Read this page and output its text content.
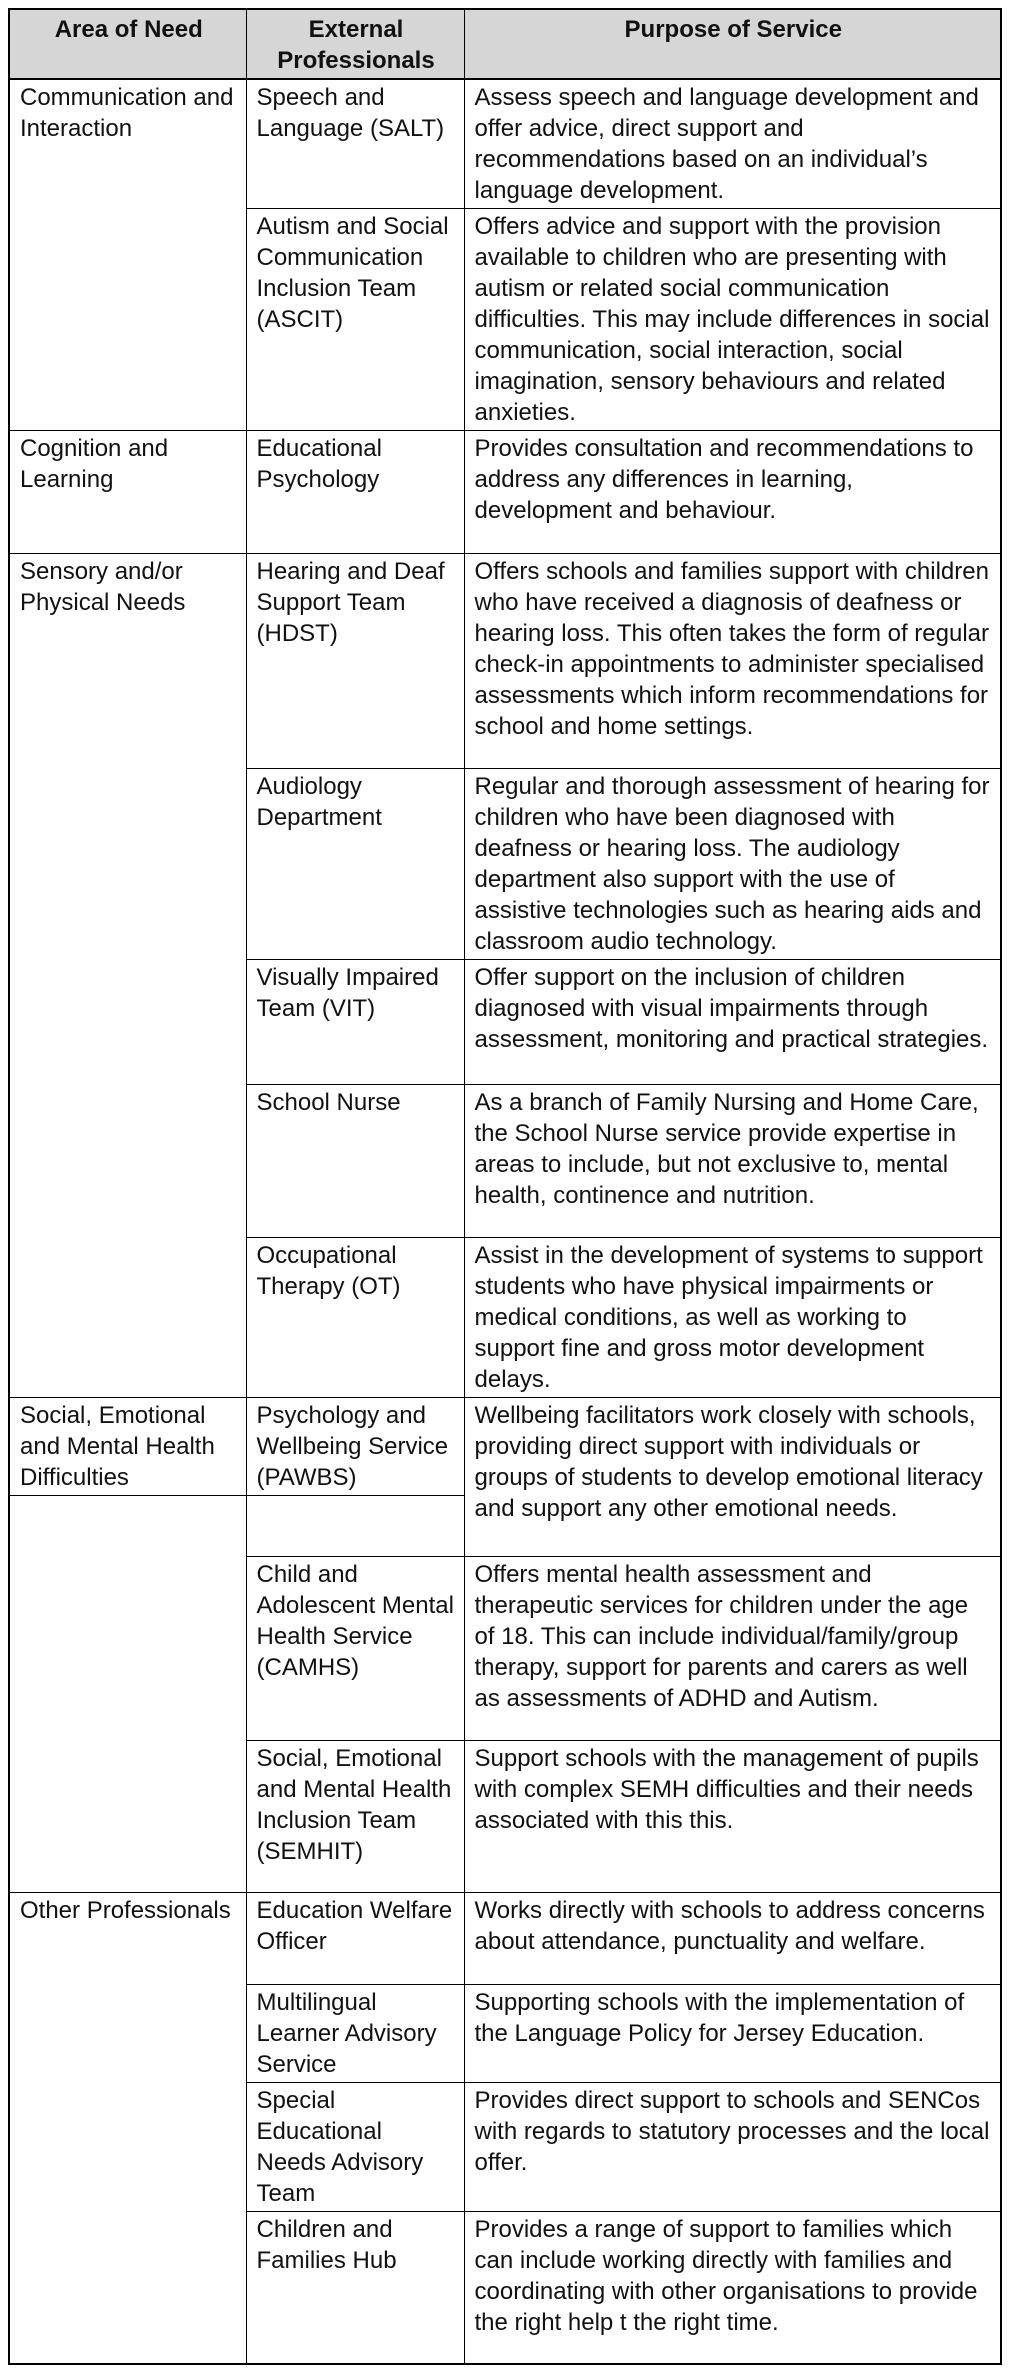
Area of Need	External Professionals	Purpose of Service
Communication and Interaction	Speech and Language (SALT)	Assess speech and language development and offer advice, direct support and recommendations based on an individual’s language development.
	Autism and Social Communication Inclusion Team (ASCIT)	Offers advice and support with the provision available to children who are presenting with autism or related social communication difficulties. This may include differences in social communication, social interaction, social imagination, sensory behaviours and related anxieties.
Cognition and Learning	Educational Psychology	Provides consultation and recommendations to address any differences in learning, development and behaviour.
Sensory and/or Physical Needs	Hearing and Deaf Support Team (HDST)	Offers schools and families support with children who have received a diagnosis of deafness or hearing loss. This often takes the form of regular check-in appointments to administer specialised assessments which inform recommendations for school and home settings.
	Audiology Department	Regular and thorough assessment of hearing for children who have been diagnosed with deafness or hearing loss. The audiology department also support with the use of assistive technologies such as hearing aids and classroom audio technology.
	Visually Impaired Team (VIT)	Offer support on the inclusion of children diagnosed with visual impairments through assessment, monitoring and practical strategies.
	School Nurse	As a branch of Family Nursing and Home Care, the School Nurse service provide expertise in areas to include, but not exclusive to, mental health, continence and nutrition.
	Occupational Therapy (OT)	Assist in the development of systems to support students who have physical impairments or medical conditions, as well as working to support fine and gross motor development delays.
Social, Emotional and Mental Health Difficulties	Psychology and Wellbeing Service (PAWBS)	Wellbeing facilitators work closely with schools, providing direct support with individuals or groups of students to develop emotional literacy and support any other emotional needs.

	Child and Adolescent Mental Health Service (CAMHS)	Offers mental health assessment and therapeutic services for children under the age of 18. This can include individual/family/group therapy, support for parents and carers as well as assessments of ADHD and Autism.
	Social, Emotional and Mental Health Inclusion Team (SEMHIT)	Support schools with the management of pupils with complex SEMH difficulties and their needs associated with this this.
Other Professionals	Education Welfare Officer	Works directly with schools to address concerns about attendance, punctuality and welfare.
	Multilingual Learner Advisory Service	Supporting schools with the implementation of the Language Policy for Jersey Education.
	Special Educational Needs Advisory Team	Provides direct support to schools and SENCos with regards to statutory processes and the local offer.
	Children and Families Hub	Provides a range of support to families which can include working directly with families and coordinating with other organisations to provide the right help t the right time.
